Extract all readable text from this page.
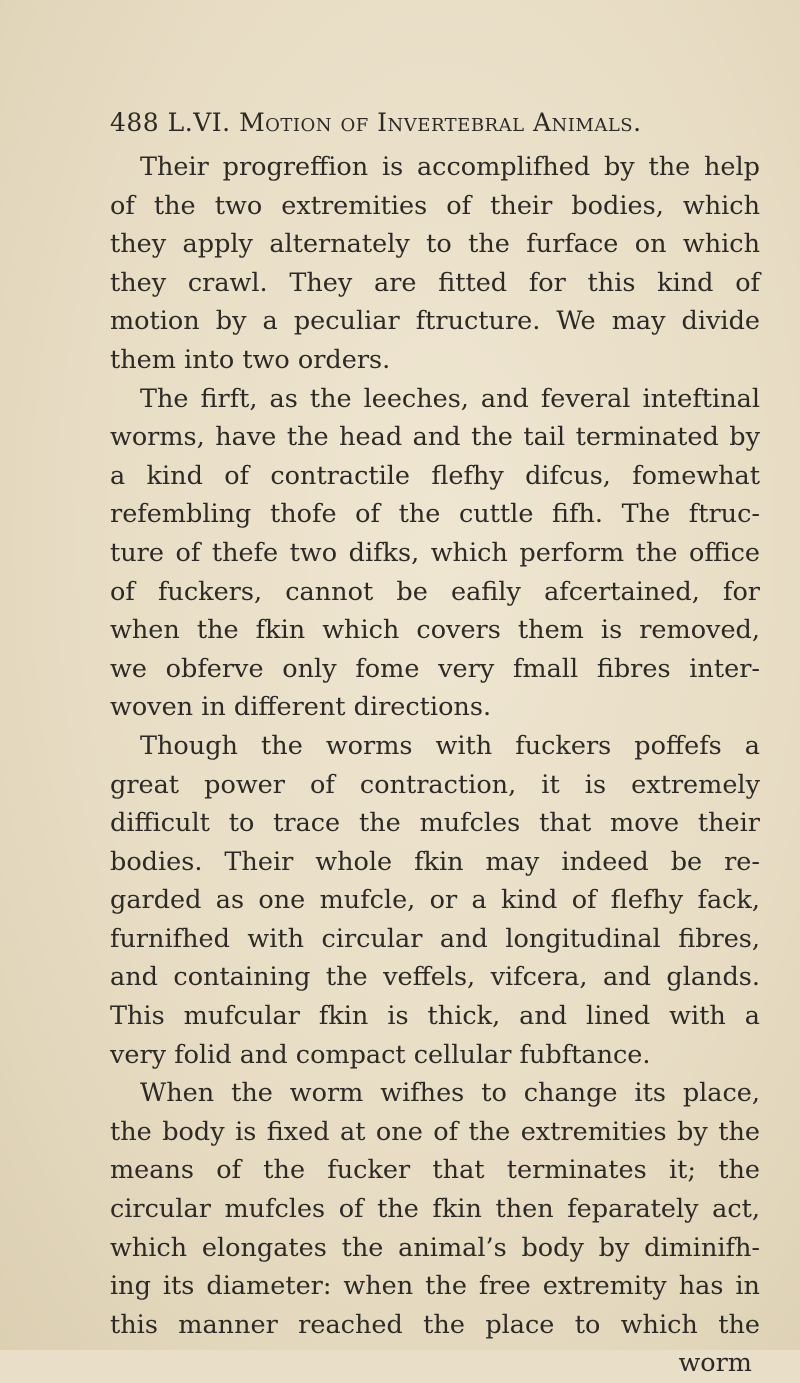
488 L.VI. Motion of Invertebral Animals.

Their progreffion is accomplifhed by the help

of the two extremities of their bodies, which

they apply alternately to the furface on which

they crawl. They are fitted for this kind of

motion by a peculiar ftructure. We may divide

them into two orders.

The firft, as the leeches, and feveral inteftinal

worms, have the head and the tail terminated by

a kind of contractile flefhy difcus, fomewhat

refembling thofe of the cuttle fifh. The ftruc-

ture of thefe two difks, which perform the office

of fuckers, cannot be eafily afcertained, for

when the fkin which covers them is removed,

we obferve only fome very fmall fibres inter-

woven in different directions.

Though the worms with fuckers poffefs a

great power of contraction, it is extremely

difficult to trace the mufcles that move their

bodies. Their whole fkin may indeed be re-

garded as one mufcle, or a kind of flefhy fack,

furnifhed with circular and longitudinal fibres,

and containing the veffels, vifcera, and glands.

This mufcular fkin is thick, and lined with a

very folid and compact cellular fubftance.

When the worm wifhes to change its place,

the body is fixed at one of the extremities by the

means of the fucker that terminates it; the

circular mufcles of the fkin then feparately act,

which elongates the animal’s body by diminifh-

ing its diameter: when the free extremity has in

this manner reached the place to which the

worm
